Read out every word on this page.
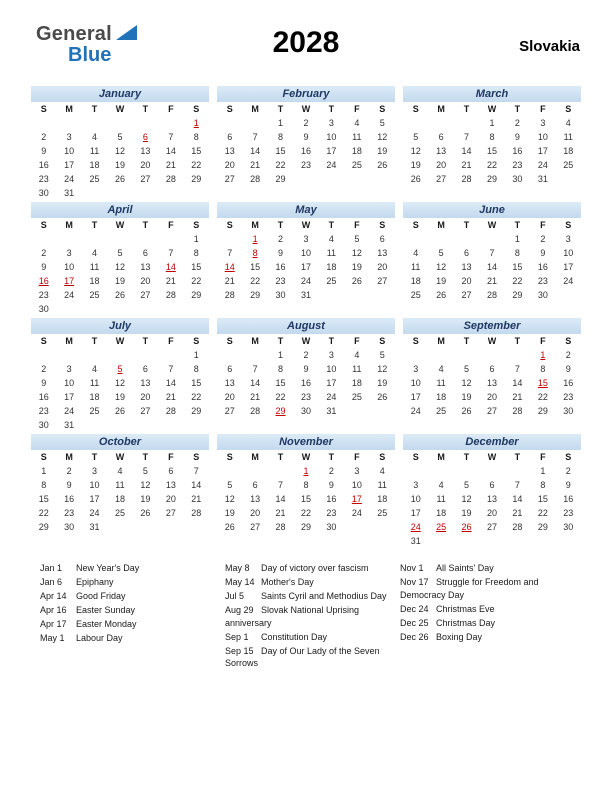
General
Blue	2028	Slovakia
January
S	M	T	W	T	F	S
						1
2	3	4	5	6	7	8
9	10	11	12	13	14	15
16	17	18	19	20	21	22
23	24	25	26	27	28	29
30	31					
February
S	M	T	W	T	F	S
		1	2	3	4	5
6	7	8	9	10	11	12
13	14	15	16	17	18	19
20	21	22	23	24	25	26
27	28	29				
March
S	M	T	W	T	F	S
			1	2	3	4
5	6	7	8	9	10	11
12	13	14	15	16	17	18
19	20	21	22	23	24	25
26	27	28	29	30	31	
April
S	M	T	W	T	F	S
						1
2	3	4	5	6	7	8
9	10	11	12	13	14	15
16	17	18	19	20	21	22
23	24	25	26	27	28	29
30						
May
S	M	T	W	T	F	S
	1	2	3	4	5	6
7	8	9	10	11	12	13
14	15	16	17	18	19	20
21	22	23	24	25	26	27
28	29	30	31			
June
S	M	T	W	T	F	S
				1	2	3
4	5	6	7	8	9	10
11	12	13	14	15	16	17
18	19	20	21	22	23	24
25	26	27	28	29	30	
July
S	M	T	W	T	F	S
						1
2	3	4	5	6	7	8
9	10	11	12	13	14	15
16	17	18	19	20	21	22
23	24	25	26	27	28	29
30	31					
August
S	M	T	W	T	F	S
		1	2	3	4	5
6	7	8	9	10	11	12
13	14	15	16	17	18	19
20	21	22	23	24	25	26
27	28	29	30	31		
September
S	M	T	W	T	F	S
					1	2
3	4	5	6	7	8	9
10	11	12	13	14	15	16
17	18	19	20	21	22	23
24	25	26	27	28	29	30
October
S	M	T	W	T	F	S
1	2	3	4	5	6	7
8	9	10	11	12	13	14
15	16	17	18	19	20	21
22	23	24	25	26	27	28
29	30	31				
November
S	M	T	W	T	F	S
			1	2	3	4
5	6	7	8	9	10	11
12	13	14	15	16	17	18
19	20	21	22	23	24	25
26	27	28	29	30		
December
S	M	T	W	T	F	S
					1	2
3	4	5	6	7	8	9
10	11	12	13	14	15	16
17	18	19	20	21	22	23
24	25	26	27	28	29	30
31						
Jan 1 New Year's Day
Jan 6 Epiphany
Apr 14 Good Friday
Apr 16 Easter Sunday
Apr 17 Easter Monday
May 1 Labour Day
May 8 Day of victory over fascism
May 14 Mother's Day
Jul 5 Saints Cyril and Methodius Day
Aug 29 Slovak National Uprising anniversary
Sep 1 Constitution Day
Sep 15 Day of Our Lady of the Seven Sorrows
Nov 1 All Saints' Day
Nov 17 Struggle for Freedom and Democracy Day
Dec 24 Christmas Eve
Dec 25 Christmas Day
Dec 26 Boxing Day
